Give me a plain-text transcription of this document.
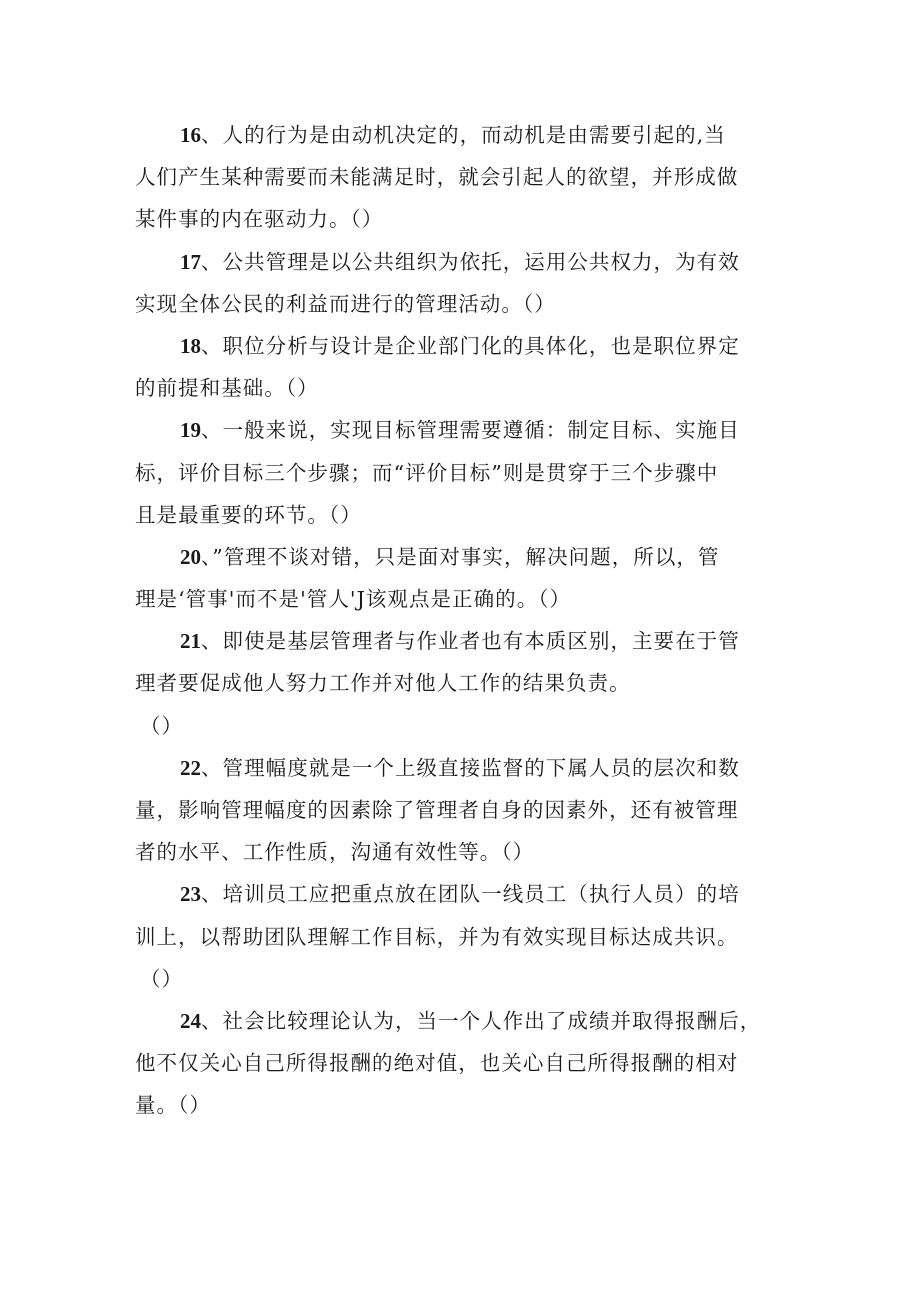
16、人的行为是由动机决定的，而动机是由需要引起的,当
人们产生某种需要而未能满足时，就会引起人的欲望，并形成做
某件事的内在驱动力。（）
17、公共管理是以公共组织为依托，运用公共权力，为有效
实现全体公民的利益而进行的管理活动。（）
18、职位分析与设计是企业部门化的具体化，也是职位界定
的前提和基础。（）
19、一般来说，实现目标管理需要遵循：制定目标、实施目
标，评价目标三个步骤；而“评价目标”则是贯穿于三个步骤中
且是最重要的环节。（）
20、”管理不谈对错，只是面对事实，解决问题，所以，管
理是‘管事'而不是'管人'J该观点是正确的。（）
21、即使是基层管理者与作业者也有本质区别，主要在于管
理者要促成他人努力工作并对他人工作的结果负责。
（）
22、管理幅度就是一个上级直接监督的下属人员的层次和数
量，影响管理幅度的因素除了管理者自身的因素外，还有被管理
者的水平、工作性质，沟通有效性等。（）
23、培训员工应把重点放在团队一线员工（执行人员）的培
训上，以帮助团队理解工作目标，并为有效实现目标达成共识。
（）
24、社会比较理论认为，当一个人作出了成绩并取得报酬后，
他不仅关心自己所得报酬的绝对值，也关心自己所得报酬的相对
量。（）
